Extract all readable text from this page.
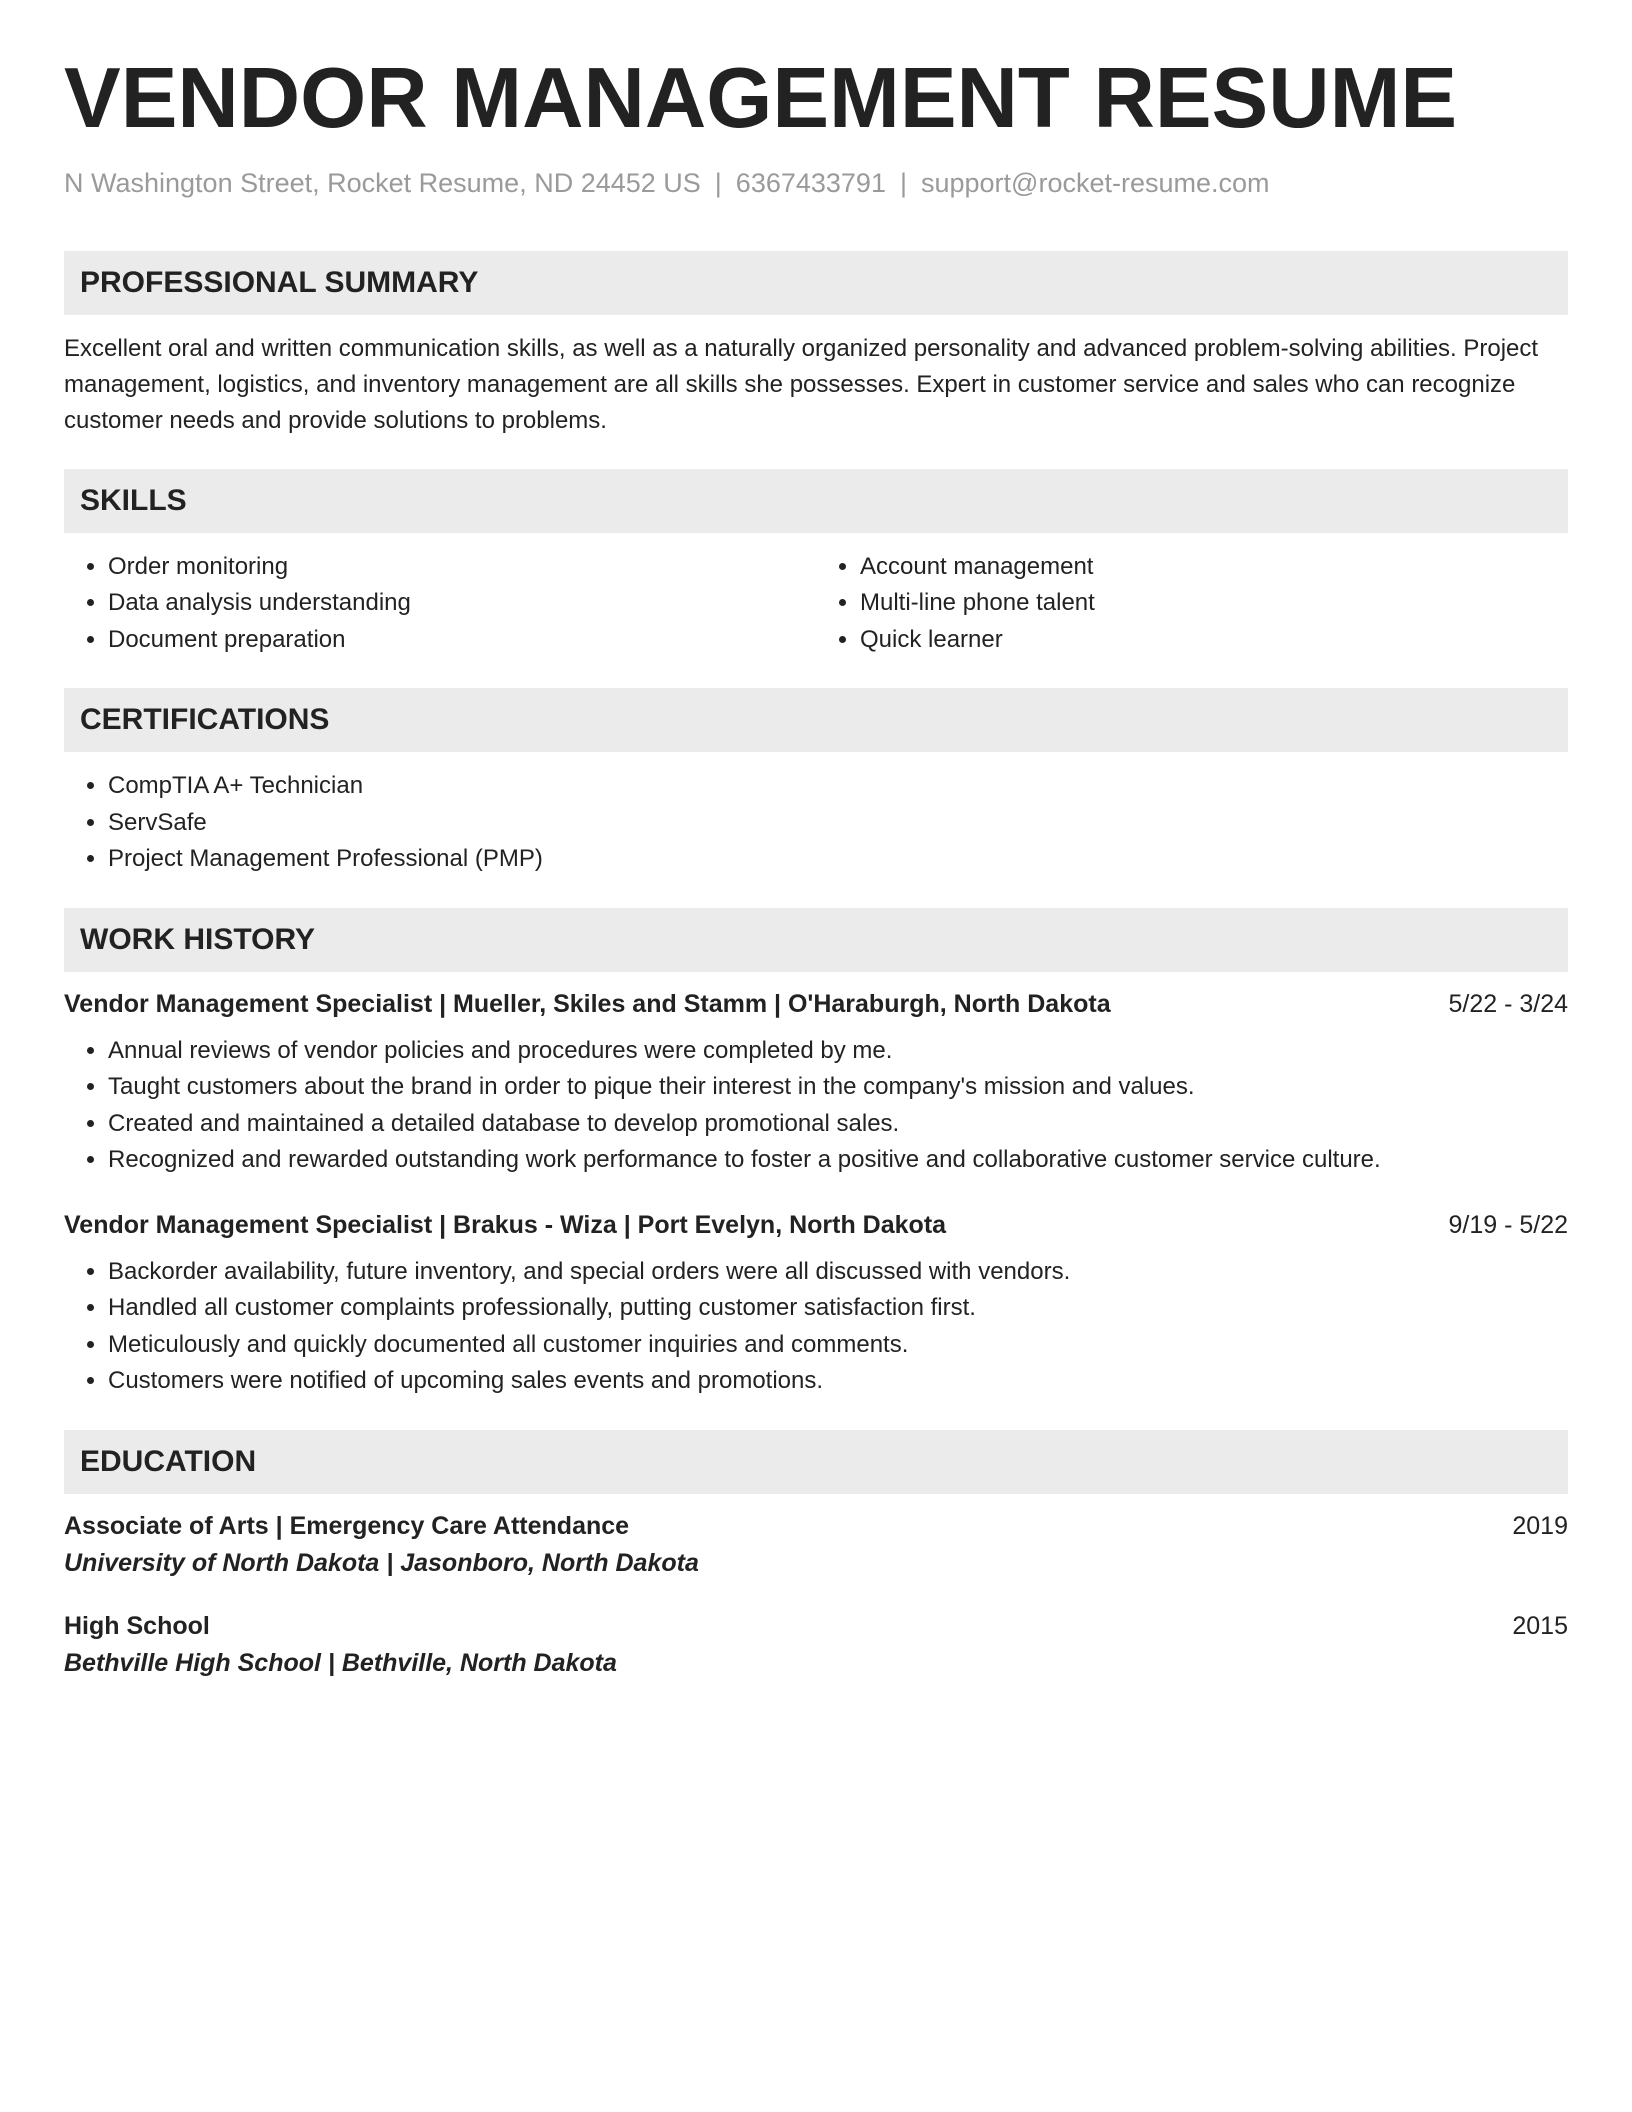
VENDOR MANAGEMENT RESUME
N Washington Street, Rocket Resume, ND 24452 US | 6367433791 | support@rocket-resume.com
PROFESSIONAL SUMMARY

Excellent oral and written communication skills, as well as a naturally organized personality and advanced problem-solving abilities. Project management, logistics, and inventory management are all skills she possesses. Expert in customer service and sales who can recognize customer needs and provide solutions to problems.

SKILLS
• Order monitoring
• Data analysis understanding
• Document preparation
• Account management
• Multi-line phone talent
• Quick learner
CERTIFICATIONS
• CompTIA A+ Technician
• ServSafe
• Project Management Professional (PMP)
WORK HISTORY
Vendor Management Specialist | Mueller, Skiles and Stamm | O'Haraburgh, North Dakota	5/22 - 3/24
• Annual reviews of vendor policies and procedures were completed by me.
• Taught customers about the brand in order to pique their interest in the company's mission and values.
• Created and maintained a detailed database to develop promotional sales.
• Recognized and rewarded outstanding work performance to foster a positive and collaborative customer service culture.
Vendor Management Specialist | Brakus - Wiza | Port Evelyn, North Dakota	9/19 - 5/22
• Backorder availability, future inventory, and special orders were all discussed with vendors.
• Handled all customer complaints professionally, putting customer satisfaction first.
• Meticulously and quickly documented all customer inquiries and comments.
• Customers were notified of upcoming sales events and promotions.
EDUCATION
Associate of Arts | Emergency Care Attendance	2019
University of North Dakota | Jasonboro, North Dakota
High School	2015
Bethville High School | Bethville, North Dakota
